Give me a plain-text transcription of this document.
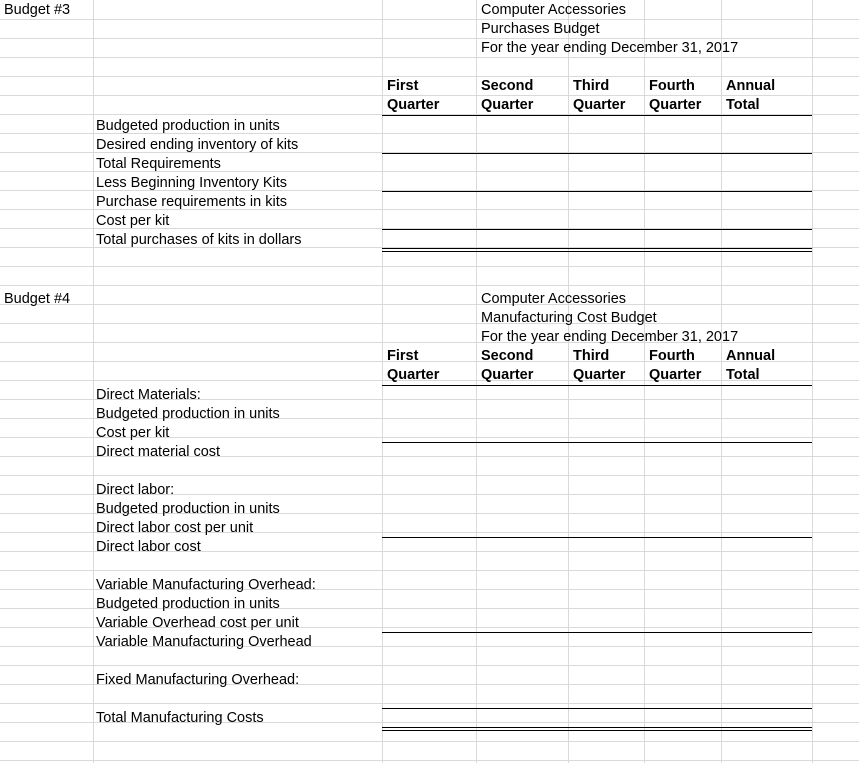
Budget #3	Computer Accessories
Purchases Budget
For the year ending December 31, 2017
First
Quarter
Second
Quarter
Third
Quarter
Fourth
Quarter
Annual
Total
Budgeted production in units
Desired ending inventory of kits
Total Requirements
Less Beginning Inventory Kits
Purchase requirements in kits
Cost per kit
Total purchases of kits in dollars
Budget #4	Computer Accessories
Manufacturing Cost Budget
For the year ending December 31, 2017
First
Quarter
Second
Quarter
Third
Quarter
Fourth
Quarter
Annual
Total
Direct Materials:
Budgeted production in units
Cost per kit
Direct material cost
Direct labor:
Budgeted production in units
Direct labor cost per unit
Direct labor cost
Variable Manufacturing Overhead:
Budgeted production in units
Variable Overhead cost per unit
Variable Manufacturing Overhead
Fixed Manufacturing Overhead:
Total Manufacturing Costs
